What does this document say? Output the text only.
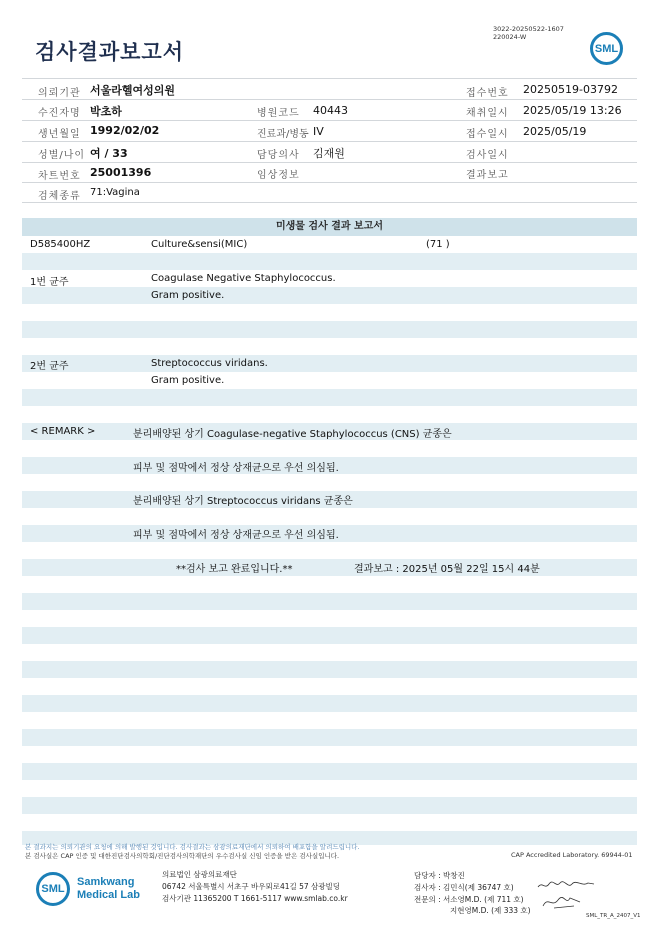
검사결과보고서
3022-20250522-1607
220024-W
SML
의뢰기관 서울라헬여성의원	접수번호 20250519-03792
수진자명 박초하	병원코드 40443	채취일시 2025/05/19 13:26
생년월일 1992/02/02	진료과/병동 IV	접수일시 2025/05/19
성별/나이 여 / 33	담당의사 김재원	검사일시
차트번호 25001396	임상정보	결과보고
검체종류 71:Vagina
미생물 검사 결과 보고서
D585400HZ	Culture&sensi(MIC)	(71 )
1번 균주	Coagulase Negative Staphylococcus.
Gram positive.
2번 균주	Streptococcus viridans.
Gram positive.
< REMARK >	분리배양된 상기 Coagulase-negative Staphylococcus (CNS) 균종은
피부 및 점막에서 정상 상재균으로 우선 의심됨.
분리배양된 상기 Streptococcus viridans 균종은
피부 및 점막에서 정상 상재균으로 우선 의심됨.
**검사 보고 완료입니다.**	결과보고 : 2025년 05월 22일 15시 44분
본 결과지는 의뢰기관의 요청에 의해 발행된 것입니다. 검사결과는 삼광의료재단에서 의뢰하여 배포함을 알려드립니다.
본 검사실은 CAP 인증 및 대한진단검사의학회/진단검사의학재단의 우수검사실 신임 인증을 받은 검사실입니다.	CAP Accredited Laboratory. 69944-01
SML
Samkwang
Medical Lab
의료법인 삼광의료재단
06742 서울특별시 서초구 바우뫼로41길 57 삼광빌딩
검사기관 11365200 T 1661-5117 www.smlab.co.kr
담당자 : 박창진
검사자 : 김민식(제 36747 호)
전문의 : 서소영M.D. (제 711 호)
지현영M.D. (제 333 호)
SML_TR_A_2407_V1
